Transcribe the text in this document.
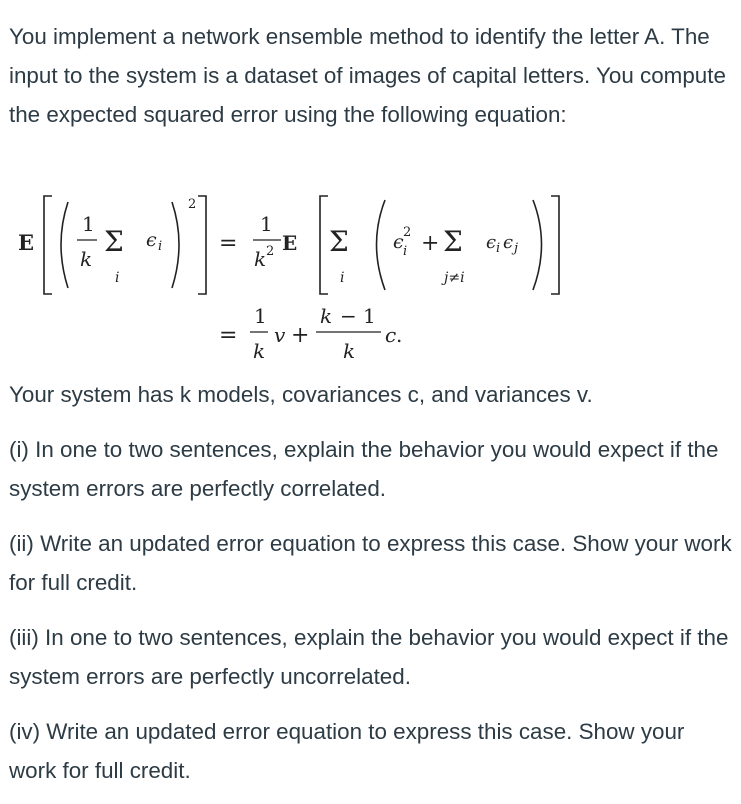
You implement a network ensemble method to identify the letter A. The input to the system is a dataset of images of capital letters. You compute the expected squared error using the following equation:

E
1
k
Σ
i
ϵ i
2
=
1
k 2 E Σ
i
ϵ 2
i + Σ
j≠i
ϵ i ϵ j
=
1
k
v +
k − 1
k
c .

Your system has k models, covariances c, and variances v.

(i) In one to two sentences, explain the behavior you would expect if the system errors are perfectly correlated.

(ii) Write an updated error equation to express this case. Show your work for full credit.

(iii) In one to two sentences, explain the behavior you would expect if the system errors are perfectly uncorrelated.

(iv) Write an updated error equation to express this case. Show your work for full credit.
